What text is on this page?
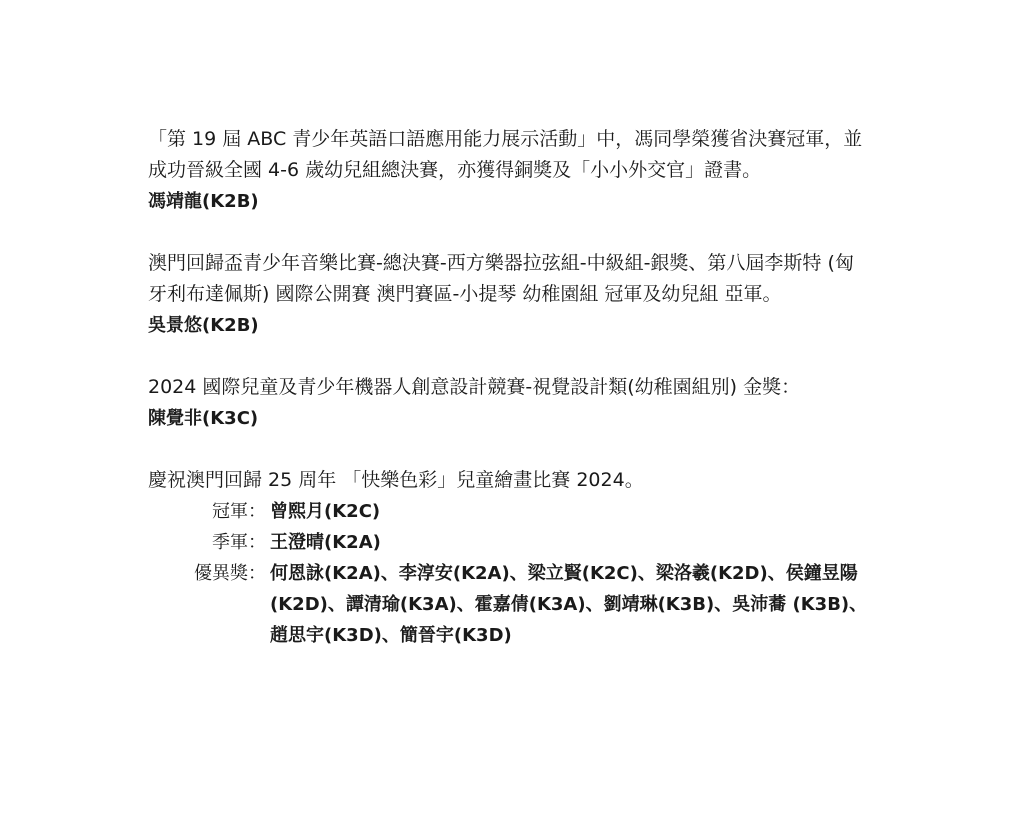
「第 19 屆 ABC 青少年英語口語應用能力展示活動」中，馮同學榮獲省決賽冠軍，並成功晉級全國 4-6 歲幼兒組總決賽，亦獲得銅獎及「小小外交官」證書。

馮靖龍(K2B)

澳門回歸盃青少年音樂比賽-總決賽-西方樂器拉弦組-中級組-銀獎、第八屆李斯特 (匈牙利布達佩斯) 國際公開賽 澳門賽區-小提琴 幼稚園組 冠軍及幼兒組 亞軍。

吳景悠(K2B)

2024 國際兒童及青少年機器人創意設計競賽-視覺設計類(幼稚園組別) 金獎：

陳覺非(K3C)

慶祝澳門回歸 25 周年 「快樂色彩」兒童繪畫比賽 2024。

冠軍： 曾熙月(K2C)
季軍： 王澄晴(K2A)
優異獎： 何恩詠(K2A)、李淳安(K2A)、梁立賢(K2C)、梁洛羲(K2D)、侯鐘昱陽(K2D)、譚清瑜(K3A)、霍嘉倩(K3A)、劉靖琳(K3B)、吳沛蕎 (K3B)、趙思宇(K3D)、簡晉宇(K3D)
